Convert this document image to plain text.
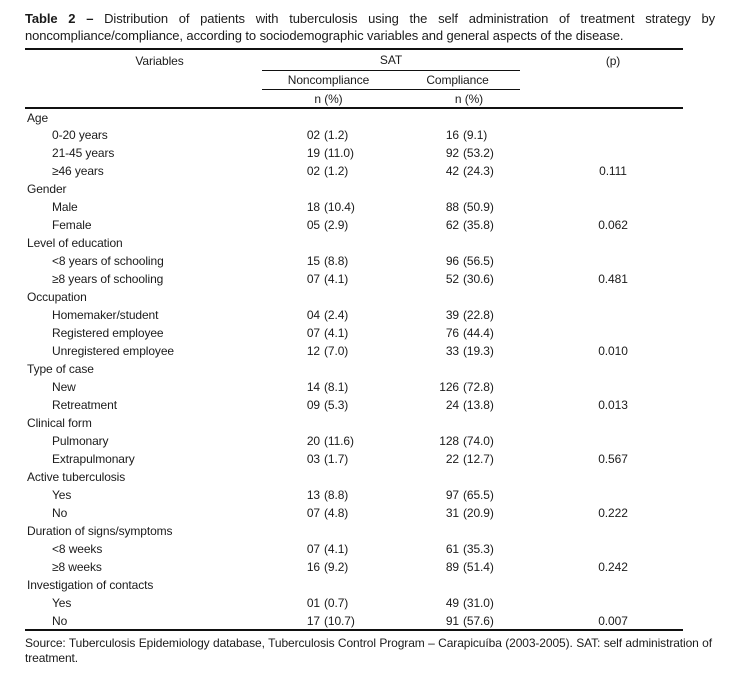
Table 2 – Distribution of patients with tuberculosis using the self administration of treatment strategy by noncompliance/compliance, according to sociodemographic variables and general aspects of the disease.

Variables	SAT		(p)

	Noncompliance Compliance		

	n (%)	n (%)	
Age			
0-20 years	02 (1.2)	16 (9.1)	
21-45 years	19 (11.0)	92 (53.2)	
≥46 years	02 (1.2)	42 (24.3)	0.111
Gender			
Male	18 (10.4)	88 (50.9)	
Female	05 (2.9)	62 (35.8)	0.062
Level of education			
<8 years of schooling	15 (8.8)	96 (56.5)	
≥8 years of schooling	07 (4.1)	52 (30.6)	0.481
Occupation			
Homemaker/student	04 (2.4)	39 (22.8)	
Registered employee	07 (4.1)	76 (44.4)	
Unregistered employee	12 (7.0)	33 (19.3)	0.010
Type of case			
New	14 (8.1)	126 (72.8)	
Retreatment	09 (5.3)	24 (13.8)	0.013
Clinical form			
Pulmonary	20 (11.6)	128 (74.0)	
Extrapulmonary	03 (1.7)	22 (12.7)	0.567
Active tuberculosis			
Yes	13 (8.8)	97 (65.5)	
No	07 (4.8)	31 (20.9)	0.222
Duration of signs/symptoms			
<8 weeks	07 (4.1)	61 (35.3)	
≥8 weeks	16 (9.2)	89 (51.4)	0.242
Investigation of contacts			
Yes	01 (0.7)	49 (31.0)	
No	17 (10.7)	91 (57.6)	0.007

Source: Tuberculosis Epidemiology database, Tuberculosis Control Program – Carapicuíba (2003-2005). SAT: self administration of treatment.
